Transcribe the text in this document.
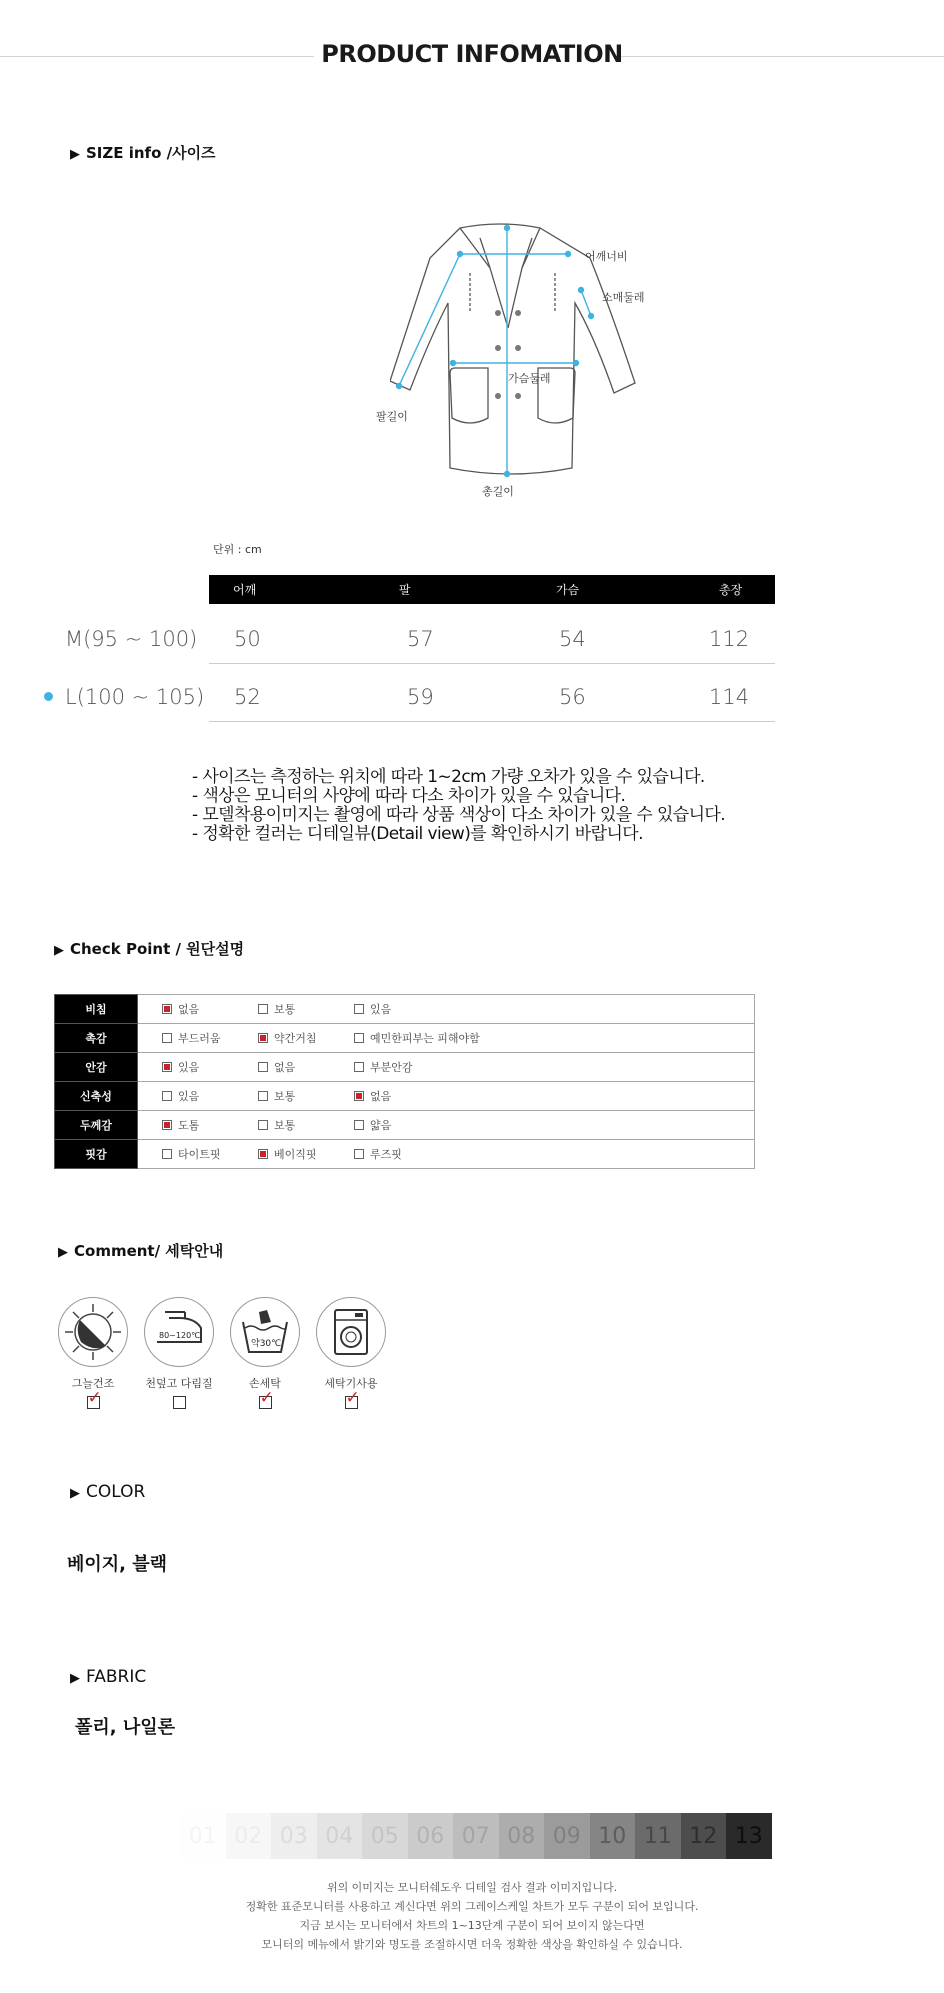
PRODUCT INFOMATION
▶ SIZE info /사이즈
어깨너비
소매둘레
가슴둘레
팔길이
총길이
단위 : cm
어깨	팔	가슴	총장
M(95 ~ 100) 50	57	54	112
L(100 ~ 105) 52	59	56	114
- 사이즈는 측정하는 위치에 따라 1~2cm 가량 오차가 있을 수 있습니다.
- 색상은 모니터의 사양에 따라 다소 차이가 있을 수 있습니다.
- 모델착용이미지는 촬영에 따라 상품 색상이 다소 차이가 있을 수 있습니다.
- 정확한 컬러는 디테일뷰(Detail view)를 확인하시기 바랍니다.
▶ Check Point / 원단설명
비침	없음 보통 있음
촉감	부드러움 약간거침 예민한피부는 피해야함
안감	있음 없음 부분안감
신축성	있음 보통 없음
두께감	도톰 보통 얇음
핏감	타이트핏 베이직핏 루즈핏
▶ Comment/ 세탁안내
그늘건조
✓
80~120℃
천덮고 다림질
약30℃
손세탁
✓	세탁기사용
✓
▶ COLOR
베이지, 블랙
▶ FABRIC
폴리, 나일론
01 02 03 04 05 06 07 08 09 10 11 12 13
위의 이미지는 모니터쉐도우 디테일 검사 결과 이미지입니다.
정확한 표준모니터를 사용하고 계신다면 위의 그레이스케일 차트가 모두 구분이 되어 보입니다.
지금 보시는 모니터에서 차트의 1~13단계 구분이 되어 보이지 않는다면
모니터의 메뉴에서 밝기와 명도를 조절하시면 더욱 정확한 색상을 확인하실 수 있습니다.
